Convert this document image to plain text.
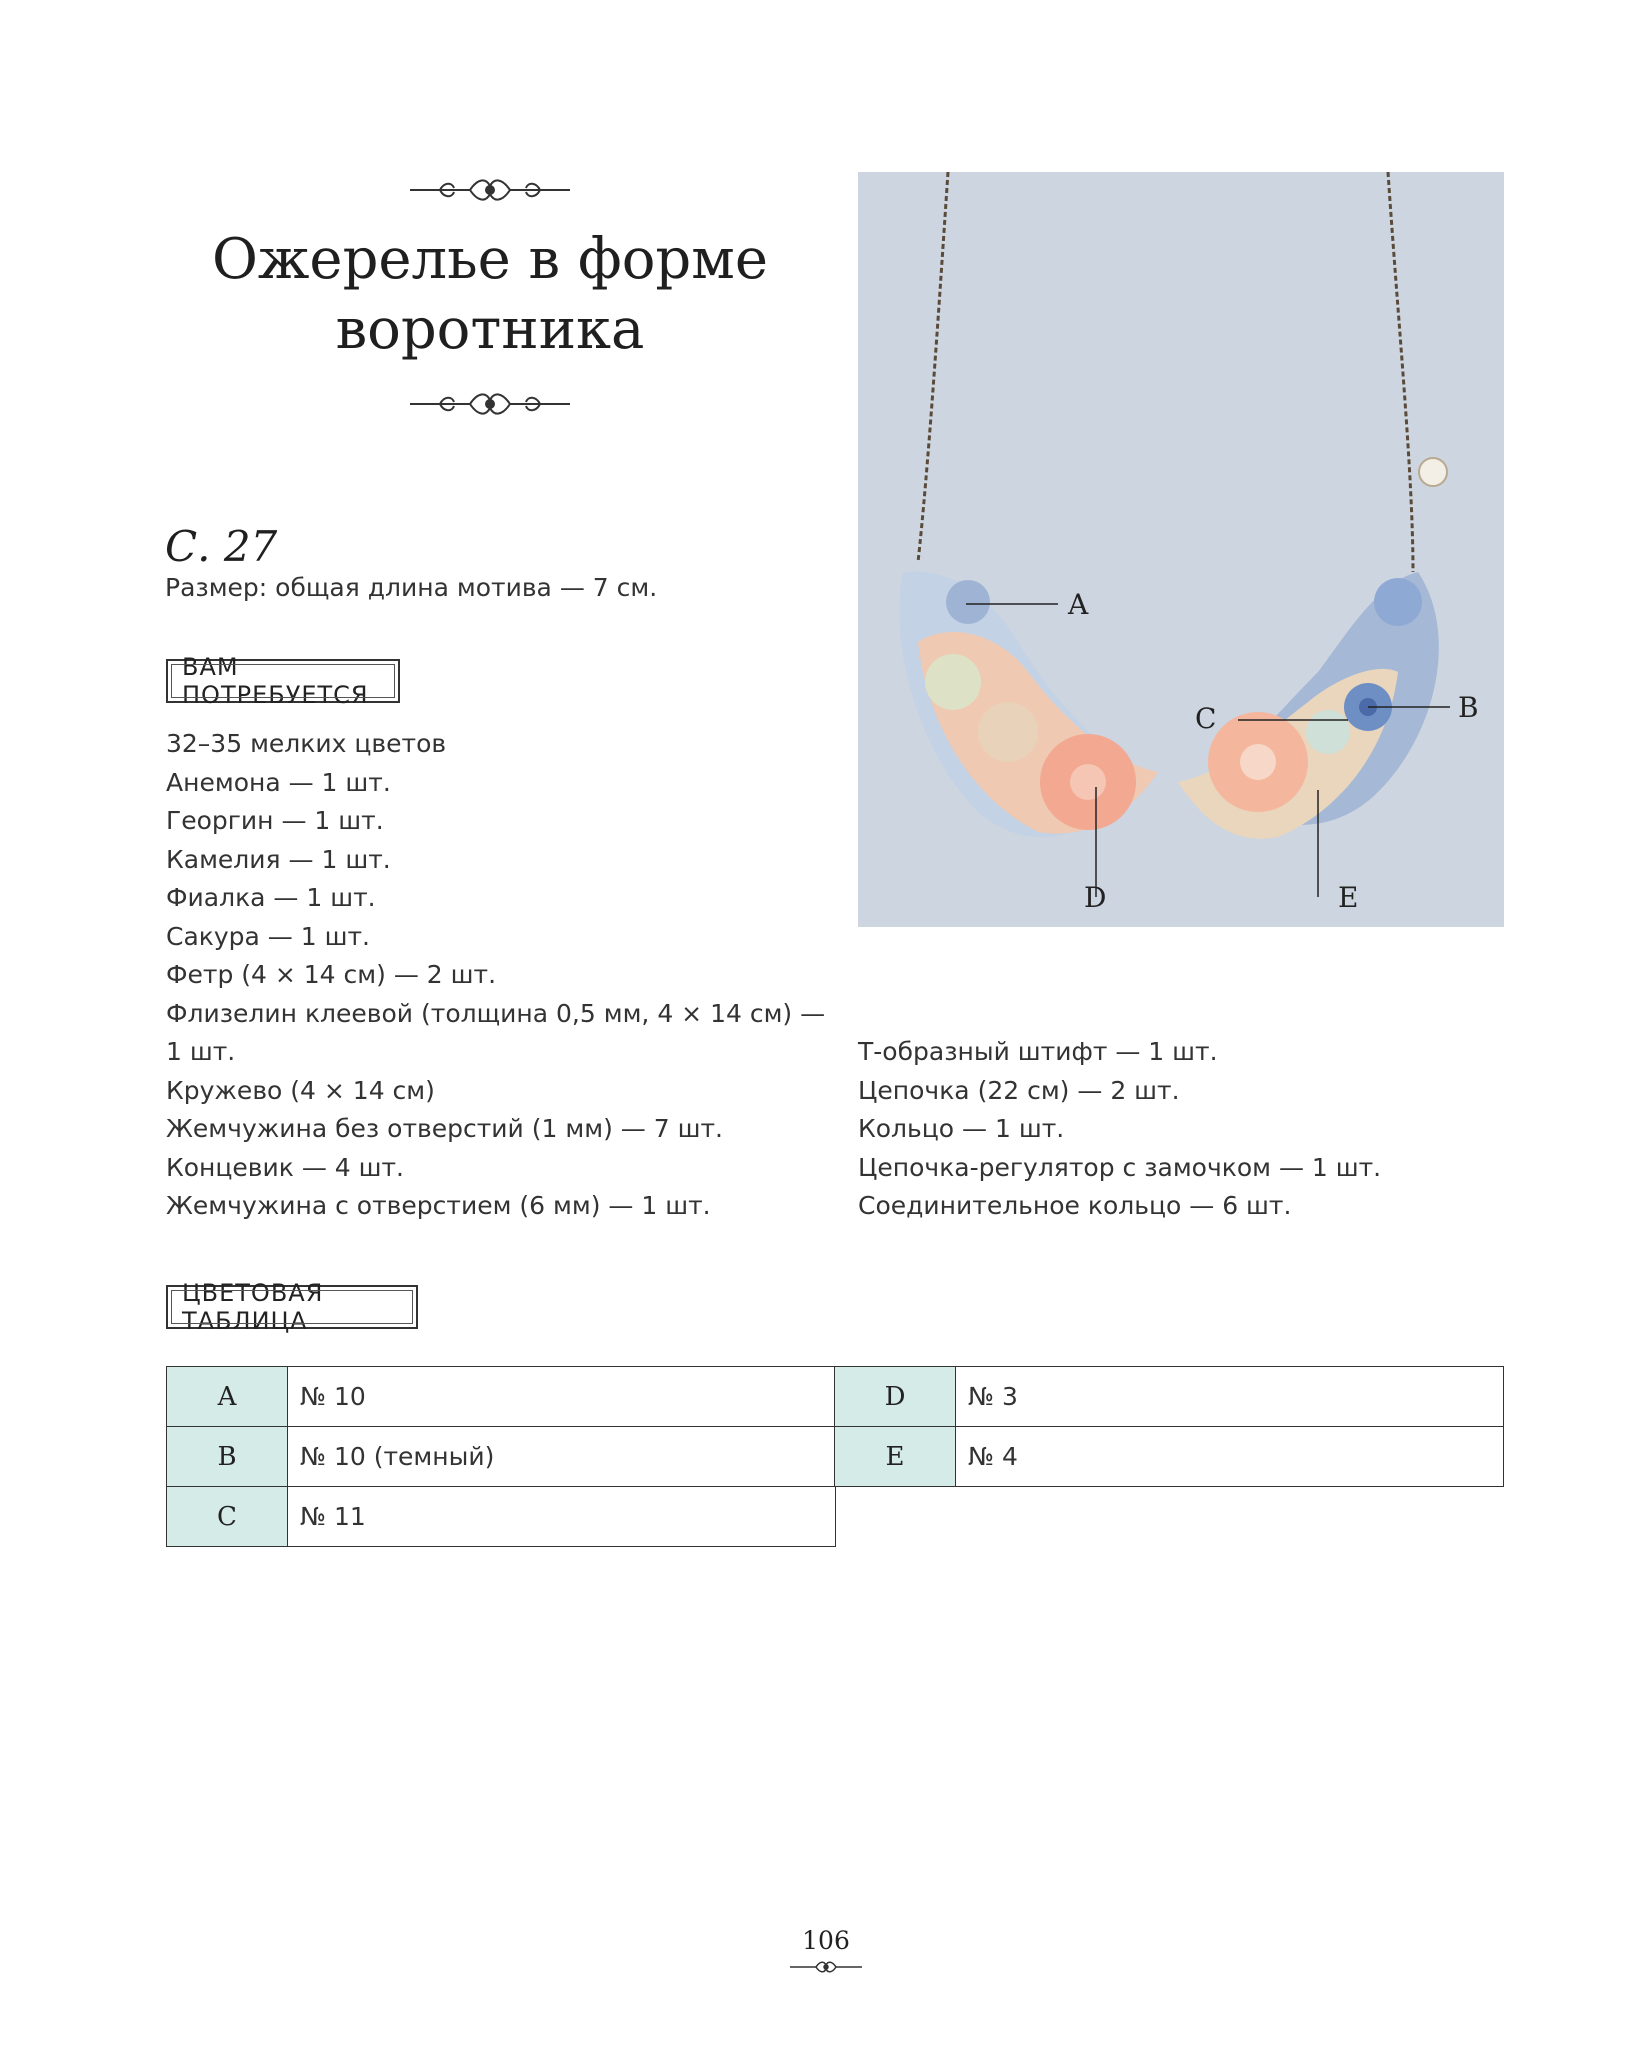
Ожерелье в форме
воротника
С. 27
Размер: общая длина мотива — 7 см.
ВАМ ПОТРЕБУЕТСЯ
32–35 мелких цветов
Анемона — 1 шт.
Георгин — 1 шт.
Камелия — 1 шт.
Фиалка — 1 шт.
Сакура — 1 шт.
Фетр (4 × 14 см) — 2 шт.
Флизелин клеевой (толщина 0,5 мм, 4 × 14 см) —
1 шт.
Кружево (4 × 14 см)
Жемчужина без отверстий (1 мм) — 7 шт.
Концевик — 4 шт.
Жемчужина с отверстием (6 мм) — 1 шт.
Т-образный штифт — 1 шт.
Цепочка (22 см) — 2 шт.
Кольцо — 1 шт.
Цепочка-регулятор с замочком — 1 шт.
Соединительное кольцо — 6 шт.
A
C	B
D	E
ЦВЕТОВАЯ ТАБЛИЦА
A	№ 10
B	№ 10 (темный)
C	№ 11
D	№ 3
E	№ 4
106
